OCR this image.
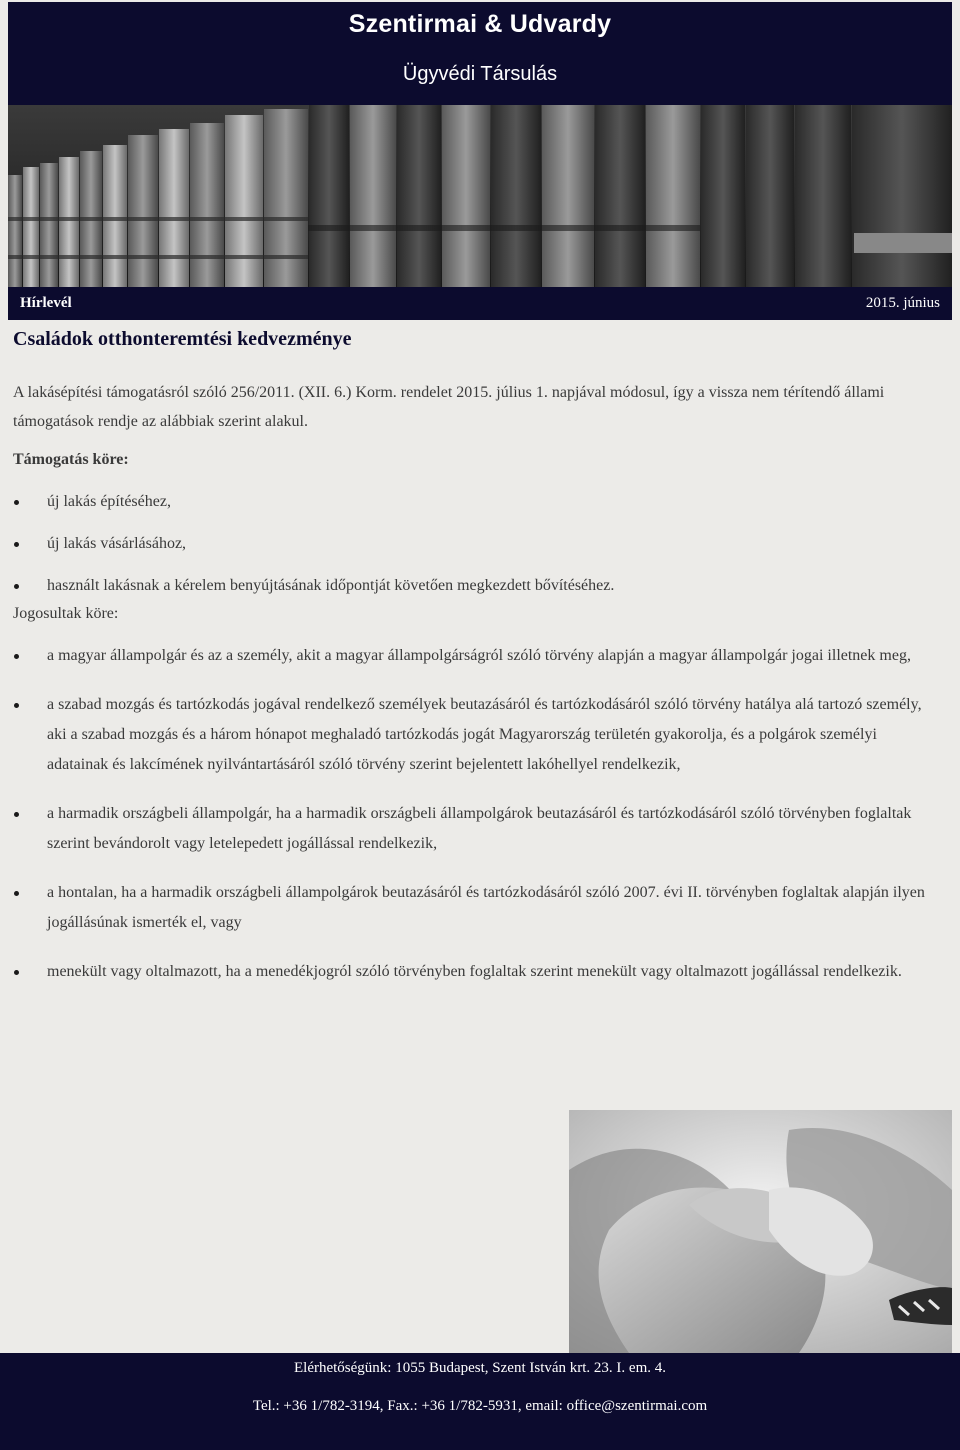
Szentirmai & Udvardy
Ügyvédi Társulás
Hírlevél	2015. június
Családok otthonteremtési kedvezménye

A lakásépítési támogatásról szóló 256/2011. (XII. 6.) Korm. rendelet 2015. július 1. napjával módosul, így a vissza nem térítendő állami támogatások rendje az alábbiak szerint alakul.

Támogatás köre:
új lakás építéséhez,
új lakás vásárlásához,
használt lakásnak a kérelem benyújtásának időpontját követően megkezdett bővítéséhez.
Jogosultak köre:
a magyar állampolgár és az a személy, akit a magyar állampolgárságról szóló törvény alapján a magyar állampolgár jogai illetnek meg,
a szabad mozgás és tartózkodás jogával rendelkező személyek beutazásáról és tartózkodásáról szóló törvény hatálya alá tartozó személy, aki a szabad mozgás és a három hónapot meghaladó tartózkodás jogát Magyarország területén gyakorolja, és a polgárok személyi adatainak és lakcímének nyilvántartásáról szóló törvény szerint bejelentett lakóhellyel rendelkezik,
a harmadik országbeli állampolgár, ha a harmadik országbeli állampolgárok beutazásáról és tartózkodásáról szóló törvényben foglaltak szerint bevándorolt vagy letelepedett jogállással rendelkezik,
a hontalan, ha a harmadik országbeli állampolgárok beutazásáról és tartózkodásáról szóló 2007. évi II. törvényben foglaltak alapján ilyen jogállásúnak ismerték el, vagy
menekült vagy oltalmazott, ha a menedékjogról szóló törvényben foglaltak szerint menekült vagy oltalmazott jogállással rendelkezik.
Elérhetőségünk: 1055 Budapest, Szent István krt. 23. I. em. 4.
Tel.: +36 1/782-3194, Fax.: +36 1/782-5931, email: office@szentirmai.com
